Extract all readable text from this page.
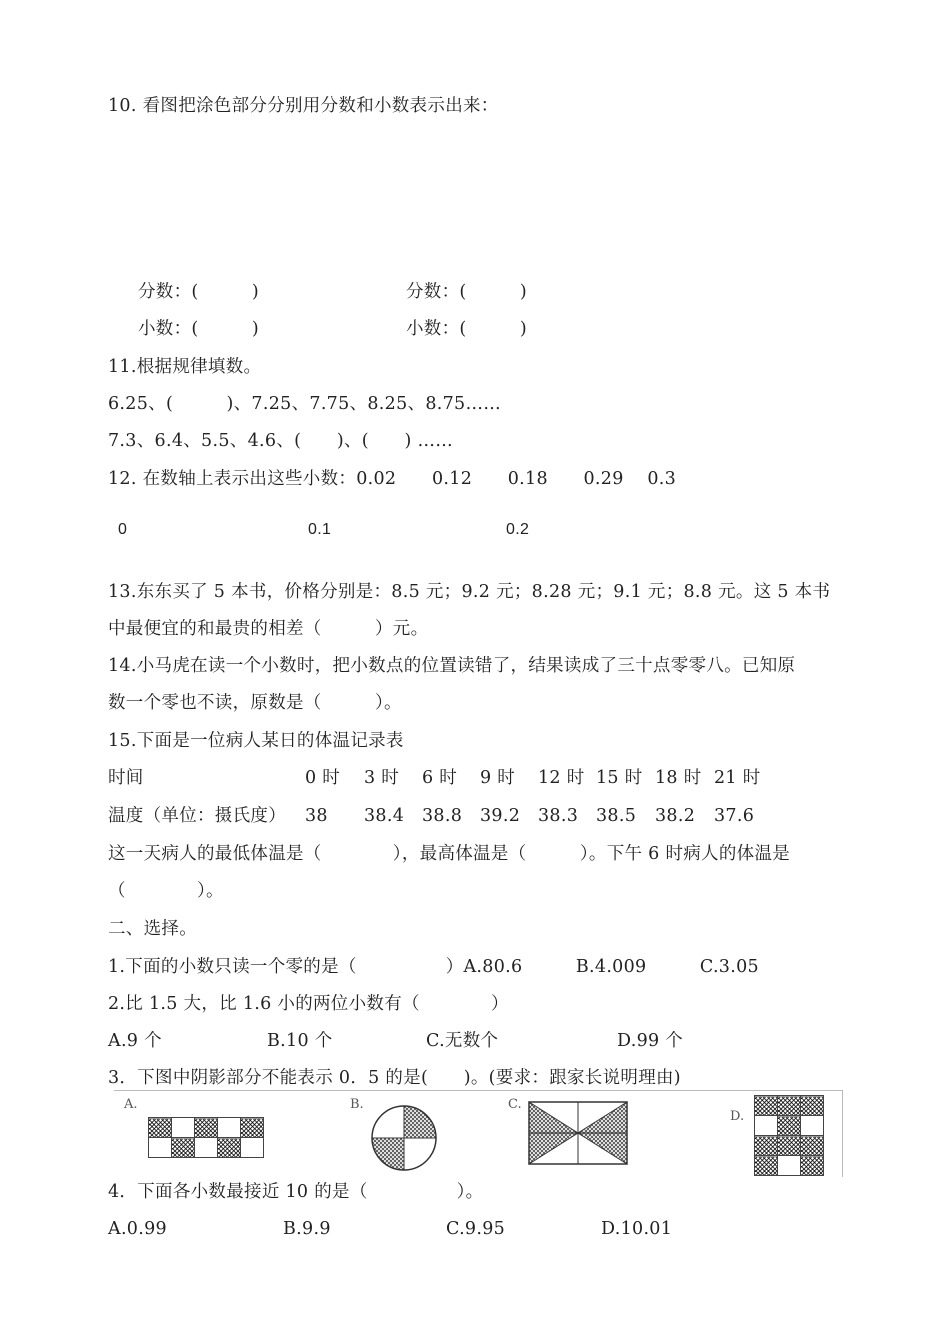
10. 看图把涂色部分分别用分数和小数表示出来：
分数：(　　　)	分数：(　　　)
小数：(　　　)	小数：(　　　)
11.根据规律填数。
6.25、(　　　)、7.25、7.75、8.25、8.75……
7.3、6.4、5.5、4.6、(　　)、(　　) ……
12. 在数轴上表示出这些小数：0.02　　0.12　　0.18　　0.29　 0.3
0	0.1	0.2
13.东东买了 5 本书，价格分别是：8.5 元；9.2 元；8.28 元；9.1 元；8.8 元。这 5 本书
中最便宜的和最贵的相差（　　　）元。
14.小马虎在读一个小数时，把小数点的位置读错了，结果读成了三十点零零八。已知原
数一个零也不读，原数是（　　　）。
15.下面是一位病人某日的体温记录表
时间	0 时 3 时 6 时 9 时 12 时 15 时 18 时 21 时
温度（单位：摄氏度） 38 38.4 38.8 39.2 38.3 38.5 38.2 37.6
这一天病人的最低体温是（　　　　），最高体温是（　　　）。下午 6 时病人的体温是
（　　　　）。
二、选择。
1.下面的小数只读一个零的是（　　　　　）A.80.6　　　B.4.009　　　C.3.05
2.比 1.5 大，比 1.6 小的两位小数有（　　　　）
A.9 个	B.10 个	C.无数个	D.99 个
3．下图中阴影部分不能表示 0．5 的是(　　)。(要求：跟家长说明理由)
A.

					B.	C.
D.

4．下面各小数最接近 10 的是（　　　　　）。
A.0.99	B.9.9	C.9.95	D.10.01
